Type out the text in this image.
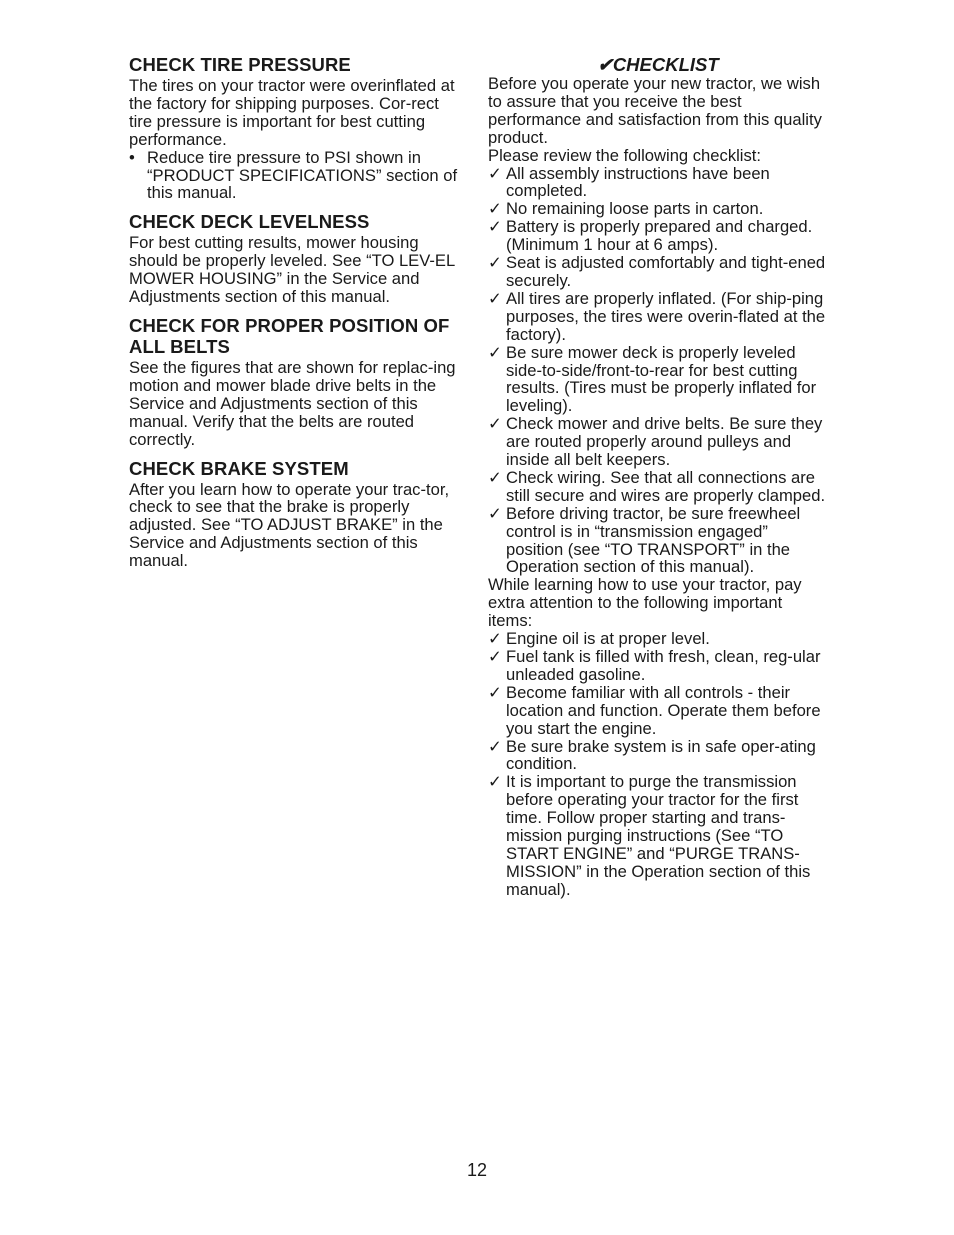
CHECK TIRE PRESSURE

The tires on your tractor were overinflated at the factory for shipping purposes. Cor-rect tire pressure is important for best cutting performance.

• Reduce tire pressure to PSI shown in “PRODUCT SPECIFICATIONS” section of this manual.
CHECK DECK LEVELNESS

For best cutting results, mower housing should be properly leveled. See “TO LEV-EL MOWER HOUSING” in the Service and Adjustments section of this manual.

CHECK FOR PROPER POSITION OF ALL BELTS

See the figures that are shown for replac-ing motion and mower blade drive belts in the Service and Adjustments section of this manual. Verify that the belts are routed correctly.

CHECK BRAKE SYSTEM

After you learn how to operate your trac-tor, check to see that the brake is properly adjusted. See “TO ADJUST BRAKE” in the Service and Adjustments section of this manual.

✔CHECKLIST

Before you operate your new tractor, we wish to assure that you receive the best performance and satisfaction from this quality product.

Please review the following checklist:

✓ All assembly instructions have been completed.
✓ No remaining loose parts in carton.
✓ Battery is properly prepared and charged. (Minimum 1 hour at 6 amps).
✓ Seat is adjusted comfortably and tight-ened securely.
✓ All tires are properly inflated. (For ship-ping purposes, the tires were overin-flated at the factory).
✓ Be sure mower deck is properly leveled side-to-side/front-to-rear for best cutting results. (Tires must be properly inflated for leveling).
✓ Check mower and drive belts. Be sure they are routed properly around pulleys and inside all belt keepers.
✓ Check wiring. See that all connections are still secure and wires are properly clamped.
✓ Before driving tractor, be sure freewheel control is in “transmission engaged” position (see “TO TRANSPORT” in the Operation section of this manual).

While learning how to use your tractor, pay extra attention to the following important items:

✓ Engine oil is at proper level.
✓ Fuel tank is filled with fresh, clean, reg-ular unleaded gasoline.
✓ Become familiar with all controls - their location and function. Operate them before you start the engine.
✓ Be sure brake system is in safe oper-ating condition.
✓ It is important to purge the transmission before operating your tractor for the first time. Follow proper starting and trans-mission purging instructions (See “TO START ENGINE” and “PURGE TRANS-MISSION” in the Operation section of this manual).
12
